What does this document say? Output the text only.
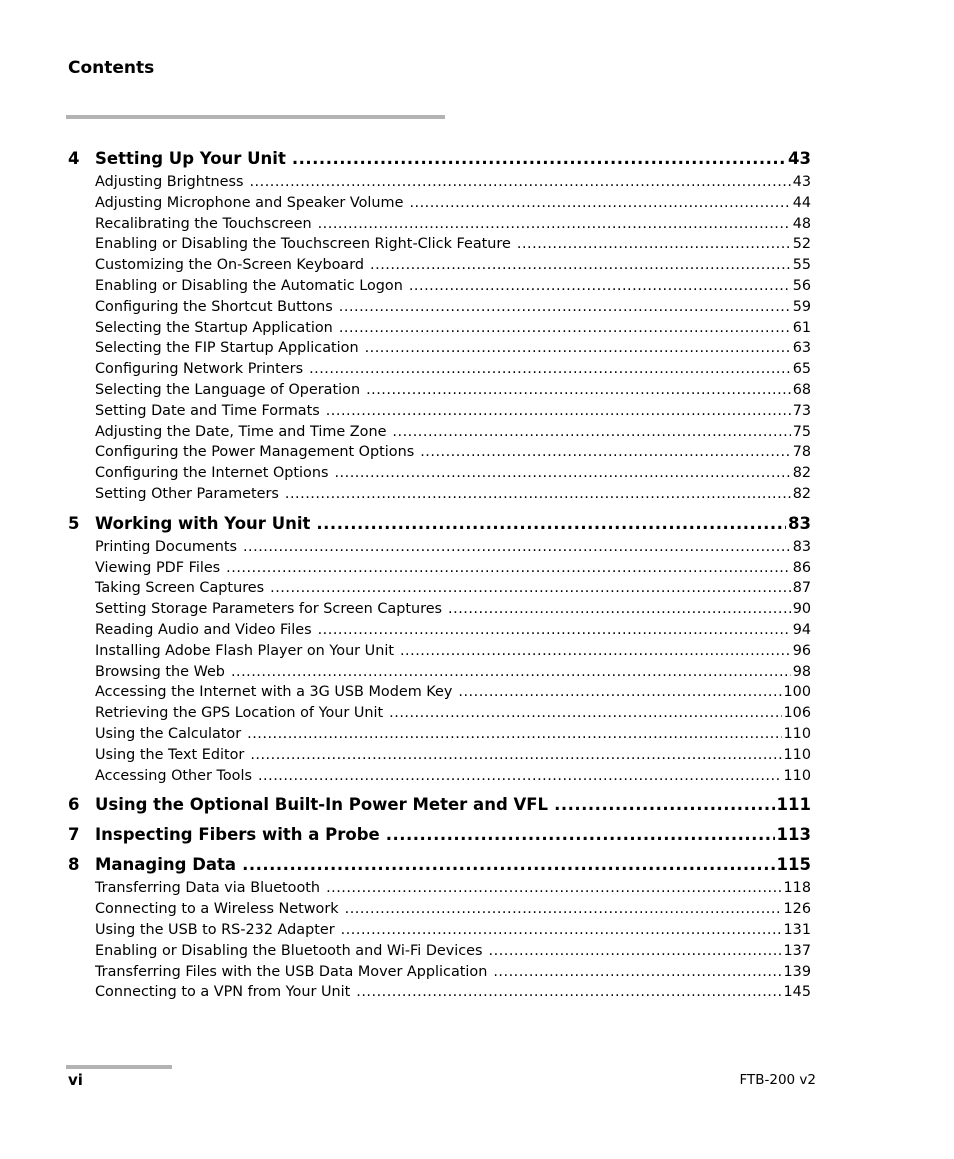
Contents
4 Setting Up Your Unit .....	43
Adjusting Brightness .....	43
Adjusting Microphone and Speaker Volume .....	44
Recalibrating the Touchscreen .....	48
Enabling or Disabling the Touchscreen Right-Click Feature .....	52
Customizing the On-Screen Keyboard .....	55
Enabling or Disabling the Automatic Logon .....	56
Configuring the Shortcut Buttons .....	59
Selecting the Startup Application .....	61
Selecting the FIP Startup Application .....	63
Configuring Network Printers .....	65
Selecting the Language of Operation .....	68
Setting Date and Time Formats .....	73
Adjusting the Date, Time and Time Zone .....	75
Configuring the Power Management Options .....	78
Configuring the Internet Options .....	82
Setting Other Parameters .....	82
5 Working with Your Unit .....	83
Printing Documents .....	83
Viewing PDF Files .....	86
Taking Screen Captures .....	87
Setting Storage Parameters for Screen Captures .....	90
Reading Audio and Video Files .....	94
Installing Adobe Flash Player on Your Unit .....	96
Browsing the Web .....	98
Accessing the Internet with a 3G USB Modem Key .....	100
Retrieving the GPS Location of Your Unit .....	106
Using the Calculator .....	110
Using the Text Editor .....	110
Accessing Other Tools .....	110
6 Using the Optional Built-In Power Meter and VFL .....	111
7 Inspecting Fibers with a Probe .....	113
8 Managing Data .....	115
Transferring Data via Bluetooth .....	118
Connecting to a Wireless Network .....	126
Using the USB to RS-232 Adapter .....	131
Enabling or Disabling the Bluetooth and Wi-Fi Devices .....	137
Transferring Files with the USB Data Mover Application .....	139
Connecting to a VPN from Your Unit .....	145
vi	FTB-200 v2
